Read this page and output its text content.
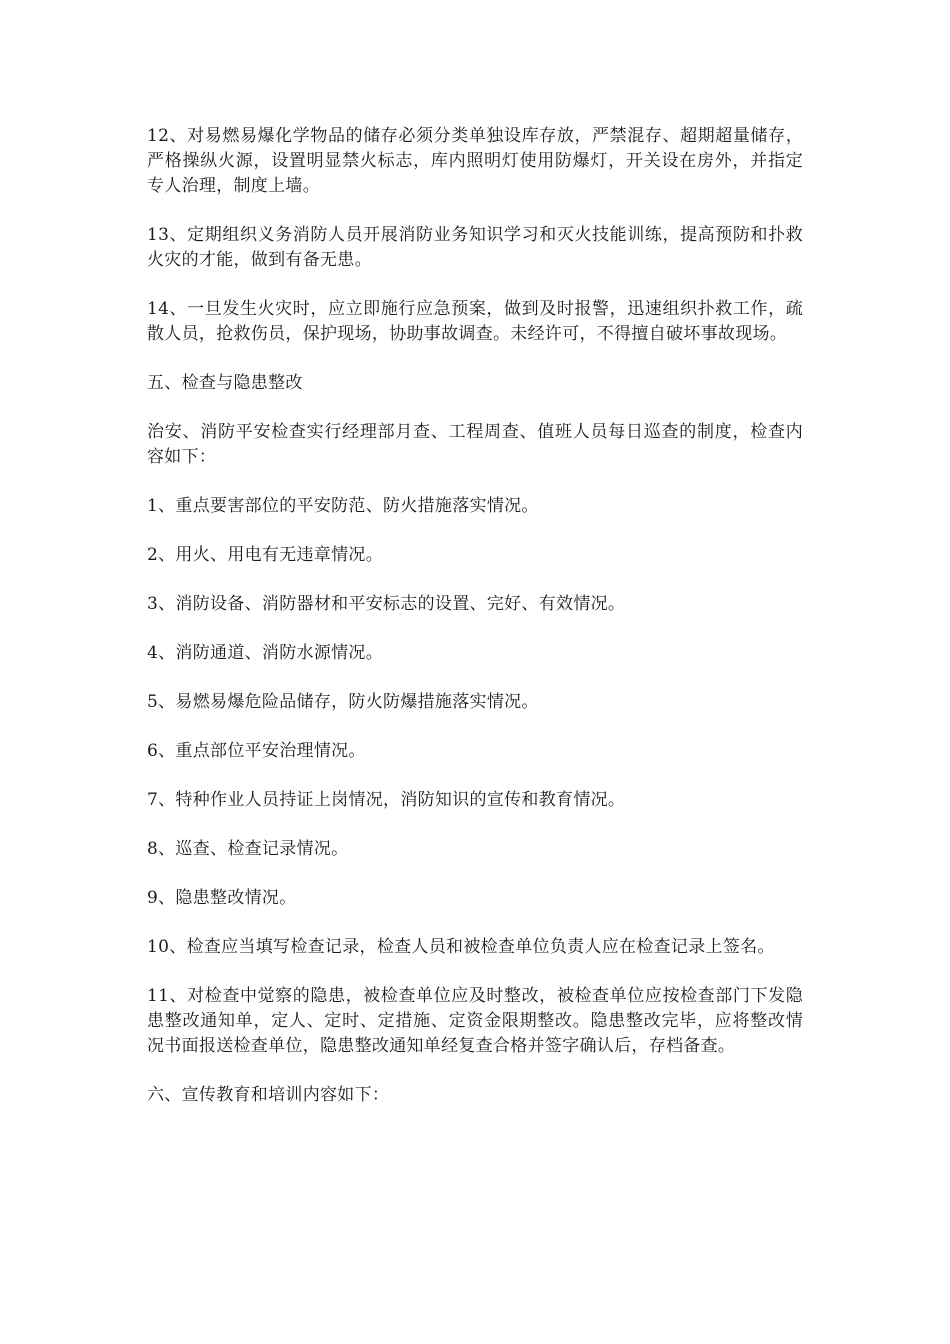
12、对易燃易爆化学物品的储存必须分类单独设库存放，严禁混存、超期超量储存，严格操纵火源，设置明显禁火标志，库内照明灯使用防爆灯，开关设在房外，并指定专人治理，制度上墙。

13、定期组织义务消防人员开展消防业务知识学习和灭火技能训练，提高预防和扑救火灾的才能，做到有备无患。

14、一旦发生火灾时，应立即施行应急预案，做到及时报警，迅速组织扑救工作，疏散人员，抢救伤员，保护现场，协助事故调查。未经许可，不得擅自破坏事故现场。

五、检查与隐患整改

治安、消防平安检查实行经理部月查、工程周查、值班人员每日巡查的制度，检查内容如下：

1、重点要害部位的平安防范、防火措施落实情况。

2、用火、用电有无违章情况。

3、消防设备、消防器材和平安标志的设置、完好、有效情况。

4、消防通道、消防水源情况。

5、易燃易爆危险品储存，防火防爆措施落实情况。

6、重点部位平安治理情况。

7、特种作业人员持证上岗情况，消防知识的宣传和教育情况。

8、巡查、检查记录情况。

9、隐患整改情况。

10、检查应当填写检查记录，检查人员和被检查单位负责人应在检查记录上签名。

11、对检查中觉察的隐患，被检查单位应及时整改，被检查单位应按检查部门下发隐患整改通知单，定人、定时、定措施、定资金限期整改。隐患整改完毕，应将整改情况书面报送检查单位，隐患整改通知单经复查合格并签字确认后，存档备查。

六、宣传教育和培训内容如下：
